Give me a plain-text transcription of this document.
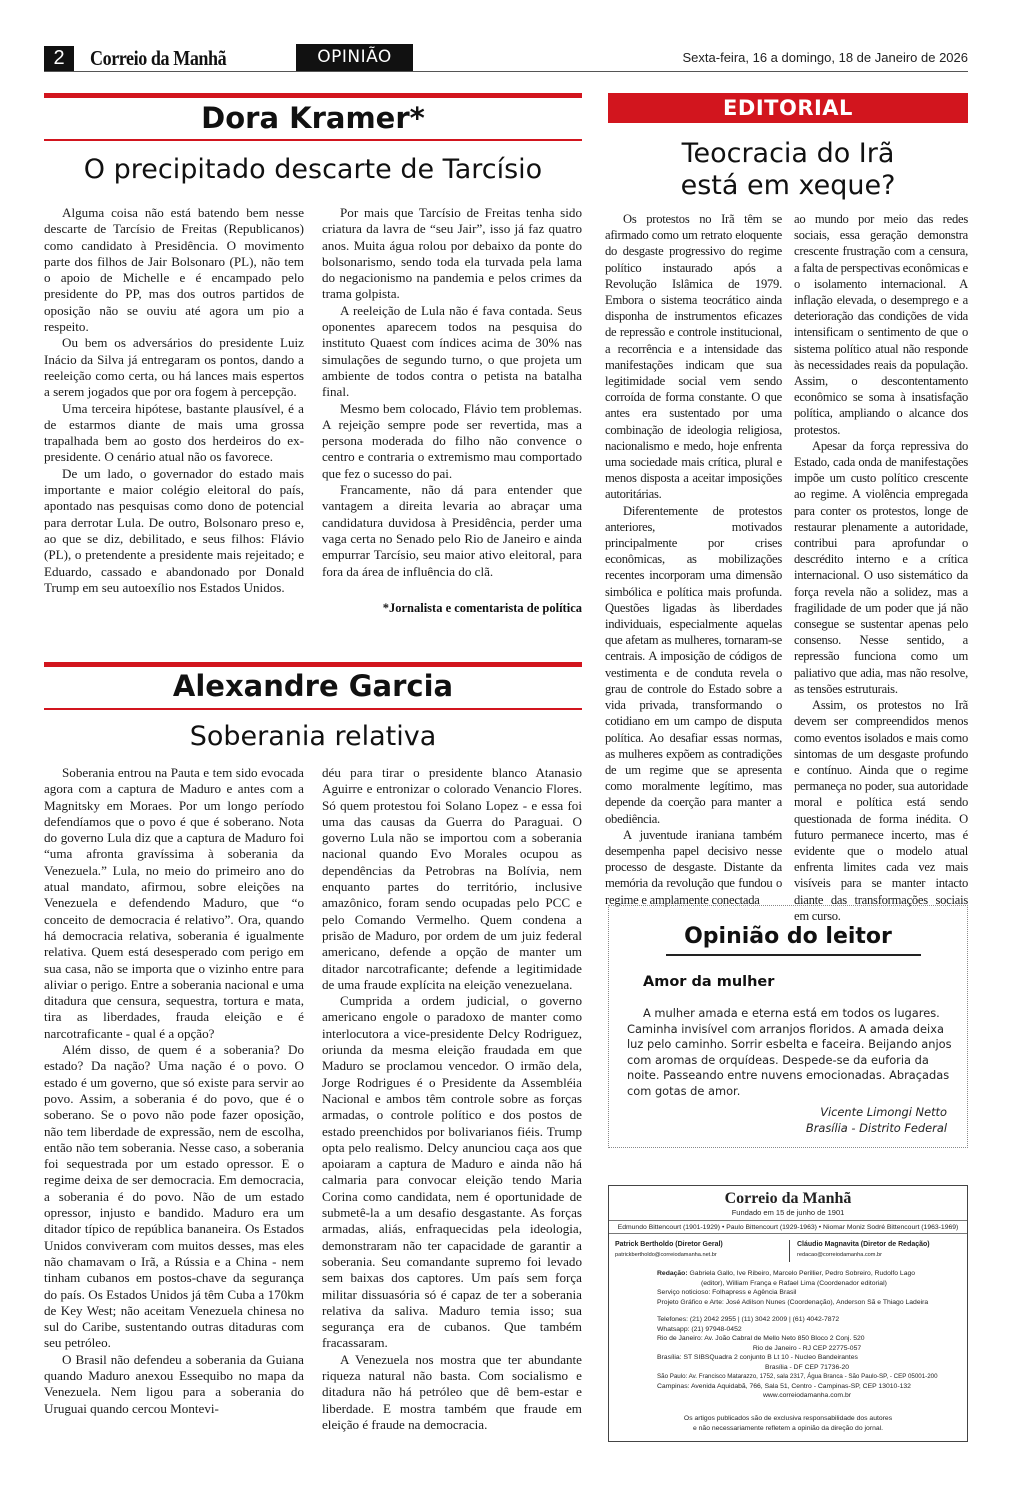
2	Correio da Manhã	OPINIÃO	Sexta-feira, 16 a domingo, 18 de Janeiro de 2026
Dora Kramer*
O precipitado descarte de Tarcísio

Alguma coisa não está batendo bem nesse descarte de Tarcísio de Freitas (Republicanos) como candidato à Presidência. O movimento parte dos filhos de Jair Bolsonaro (PL), não tem o apoio de Michelle e é encampado pelo presidente do PP, mas dos outros partidos de oposição não se ouviu até agora um pio a respeito.

Ou bem os adversários do presidente Luiz Inácio da Silva já entregaram os pontos, dando a reeleição como certa, ou há lances mais espertos a serem jogados que por ora fogem à percepção.

Uma terceira hipótese, bastante plausível, é a de estarmos diante de mais uma grossa trapalhada bem ao gosto dos herdeiros do ex-presidente. O cenário atual não os favorece.

De um lado, o governador do estado mais importante e maior colégio eleitoral do país, apontado nas pesquisas como dono de potencial para derrotar Lula. De outro, Bolsonaro preso e, ao que se diz, debilitado, e seus filhos: Flávio (PL), o pretendente a presidente mais rejeitado; e Eduardo, cassado e abandonado por Donald Trump em seu autoexílio nos Estados Unidos.

Por mais que Tarcísio de Freitas tenha sido criatura da lavra de “seu Jair”, isso já faz quatro anos. Muita água rolou por debaixo da ponte do bolsonarismo, sendo toda ela turvada pela lama do negacionismo na pandemia e pelos crimes da trama golpista.

A reeleição de Lula não é fava contada. Seus oponentes aparecem todos na pesquisa do instituto Quaest com índices acima de 30% nas simulações de segundo turno, o que projeta um ambiente de todos contra o petista na batalha final.

Mesmo bem colocado, Flávio tem problemas. A rejeição sempre pode ser revertida, mas a persona moderada do filho não convence o centro e contraria o extremismo mau comportado que fez o sucesso do pai.

Francamente, não dá para entender que vantagem a direita levaria ao abraçar uma candidatura duvidosa à Presidência, perder uma vaga certa no Senado pelo Rio de Janeiro e ainda empurrar Tarcísio, seu maior ativo eleitoral, para fora da área de influência do clã.

*Jornalista e comentarista de política
Alexandre Garcia
Soberania relativa

Soberania entrou na Pauta e tem sido evocada agora com a captura de Maduro e antes com a Magnitsky em Moraes. Por um longo período defendíamos que o povo é que é soberano. Nota do governo Lula diz que a captura de Maduro foi “uma afronta gravíssima à soberania da Venezuela.” Lula, no meio do primeiro ano do atual mandato, afirmou, sobre eleições na Venezuela e defendendo Maduro, que “o conceito de democracia é relativo”. Ora, quando há democracia relativa, soberania é igualmente relativa. Quem está desesperado com perigo em sua casa, não se importa que o vizinho entre para aliviar o perigo. Entre a soberania nacional e uma ditadura que censura, sequestra, tortura e mata, tira as liberdades, frauda eleição e é narcotraficante - qual é a opção?

Além disso, de quem é a soberania? Do estado? Da nação? Uma nação é o povo. O estado é um governo, que só existe para servir ao povo. Assim, a soberania é do povo, que é o soberano. Se o povo não pode fazer oposição, não tem liberdade de expressão, nem de escolha, então não tem soberania. Nesse caso, a soberania foi sequestrada por um estado opressor. E o regime deixa de ser democracia. Em democracia, a soberania é do povo. Não de um estado opressor, injusto e bandido. Maduro era um ditador típico de república bananeira. Os Estados Unidos conviveram com muitos desses, mas eles não chamavam o Irã, a Rússia e a China - nem tinham cubanos em postos-chave da segurança do país. Os Estados Unidos já têm Cuba a 170km de Key West; não aceitam Venezuela chinesa no sul do Caribe, sustentando outras ditaduras com seu petróleo.

O Brasil não defendeu a soberania da Guiana quando Maduro anexou Essequibo no mapa da Venezuela. Nem ligou para a soberania do Uruguai quando cercou Montevi-

déu para tirar o presidente blanco Atanasio Aguirre e entronizar o colorado Venancio Flores. Só quem protestou foi Solano Lopez - e essa foi uma das causas da Guerra do Paraguai. O governo Lula não se importou com a soberania nacional quando Evo Morales ocupou as dependências da Petrobras na Bolívia, nem enquanto partes do território, inclusive amazônico, foram sendo ocupadas pelo PCC e pelo Comando Vermelho. Quem condena a prisão de Maduro, por ordem de um juiz federal americano, defende a opção de manter um ditador narcotraficante; defende a legitimidade de uma fraude explícita na eleição venezuelana.

Cumprida a ordem judicial, o governo americano engole o paradoxo de manter como interlocutora a vice-presidente Delcy Rodriguez, oriunda da mesma eleição fraudada em que Maduro se proclamou vencedor. O irmão dela, Jorge Rodrigues é o Presidente da Assembléia Nacional e ambos têm controle sobre as forças armadas, o controle político e dos postos de estado preenchidos por bolivarianos fiéis. Trump opta pelo realismo. Delcy anunciou caça aos que apoiaram a captura de Maduro e ainda não há calmaria para convocar eleição tendo Maria Corina como candidata, nem é oportunidade de submetê-la a um desafio desgastante. As forças armadas, aliás, enfraquecidas pela ideologia, demonstraram não ter capacidade de garantir a soberania. Seu comandante supremo foi levado sem baixas dos captores. Um país sem força militar dissuasória só é capaz de ter a soberania relativa da saliva. Maduro temia isso; sua segurança era de cubanos. Que também fracassaram.

A Venezuela nos mostra que ter abundante riqueza natural não basta. Com socialismo e ditadura não há petróleo que dê bem-estar e liberdade. E mostra também que fraude em eleição é fraude na democracia.

EDITORIAL
Teocracia do Irã
está em xeque?

Os protestos no Irã têm se afirmado como um retrato eloquente do desgaste progressivo do regime político instaurado após a Revolução Islâmica de 1979. Embora o sistema teocrático ainda disponha de instrumentos eficazes de repressão e controle institucional, a recorrência e a intensidade das manifestações indicam que sua legitimidade social vem sendo corroída de forma constante. O que antes era sustentado por uma combinação de ideologia religiosa, nacionalismo e medo, hoje enfrenta uma sociedade mais crítica, plural e menos disposta a aceitar imposições autoritárias.

Diferentemente de protestos anteriores, motivados principalmente por crises econômicas, as mobilizações recentes incorporam uma dimensão simbólica e política mais profunda. Questões ligadas às liberdades individuais, especialmente aquelas que afetam as mulheres, tornaram-se centrais. A imposição de códigos de vestimenta e de conduta revela o grau de controle do Estado sobre a vida privada, transformando o cotidiano em um campo de disputa política. Ao desafiar essas normas, as mulheres expõem as contradições de um regime que se apresenta como moralmente legítimo, mas depende da coerção para manter a obediência.

A juventude iraniana também desempenha papel decisivo nesse processo de desgaste. Distante da memória da revolução que fundou o regime e amplamente conectada

ao mundo por meio das redes sociais, essa geração demonstra crescente frustração com a censura, a falta de perspectivas econômicas e o isolamento internacional. A inflação elevada, o desemprego e a deterioração das condições de vida intensificam o sentimento de que o sistema político atual não responde às necessidades reais da população. Assim, o descontentamento econômico se soma à insatisfação política, ampliando o alcance dos protestos.

Apesar da força repressiva do Estado, cada onda de manifestações impõe um custo político crescente ao regime. A violência empregada para conter os protestos, longe de restaurar plenamente a autoridade, contribui para aprofundar o descrédito interno e a crítica internacional. O uso sistemático da força revela não a solidez, mas a fragilidade de um poder que já não consegue se sustentar apenas pelo consenso. Nesse sentido, a repressão funciona como um paliativo que adia, mas não resolve, as tensões estruturais.

Assim, os protestos no Irã devem ser compreendidos menos como eventos isolados e mais como sintomas de um desgaste profundo e contínuo. Ainda que o regime permaneça no poder, sua autoridade moral e política está sendo questionada de forma inédita. O futuro permanece incerto, mas é evidente que o modelo atual enfrenta limites cada vez mais visíveis para se manter intacto diante das transformações sociais em curso.

Opinião do leitor
Amor da mulher
A mulher amada e eterna está em todos os lugares. Caminha invisível com arranjos floridos. A amada deixa luz pelo caminho. Sorrir esbelta e faceira. Beijando anjos com aromas de orquídeas. Despede-se da euforia da noite. Passeando entre nuvens emocionadas. Abraçadas com gotas de amor.
Vicente Limongi Netto
Brasília - Distrito Federal
Correio da Manhã
Fundado em 15 de junho de 1901
Edmundo Bittencourt (1901-1929) • Paulo Bittencourt (1929-1963) • Niomar Moniz Sodré Bittencourt (1963-1969)
Patrick Bertholdo (Diretor Geral)
patrickbertholdo@correiodamanha.net.br
Cláudio Magnavita (Diretor de Redação)
redacao@correiodamanha.com.br
Redação: Gabriela Gallo, Ive Ribeiro, Marcelo Perillier, Pedro Sobreiro, Rudolfo Lago
(editor), William França e Rafael Lima (Coordenador editorial)
Serviço noticioso: Folhapress e Agência Brasil
Projeto Gráfico e Arte: José Adilson Nunes (Coordenação), Anderson Sã e Thiago Ladeira
Telefones: (21) 2042 2955 | (11) 3042 2009 | (61) 4042-7872
Whatsapp: (21) 97948-0452
Rio de Janeiro: Av. João Cabral de Mello Neto 850 Bloco 2 Conj. 520
Rio de Janeiro - RJ CEP 22775-057
Brasília: ST SIBSQuadra 2 conjunto B Lt 10 - Nucleo Bandeirantes
Brasília - DF CEP 71736-20
São Paulo: Av. Francisco Matarazzo, 1752, sala 2317, Água Branca - São Paulo-SP, - CEP 05001-200
Campinas: Avenida Aquidabã, 766, Sala 51, Centro - Campinas-SP, CEP 13010-132
www.correiodamanha.com.br
Os artigos publicados são de exclusiva responsabilidade dos autores
e não necessariamente refletem a opinião da direção do jornal.
